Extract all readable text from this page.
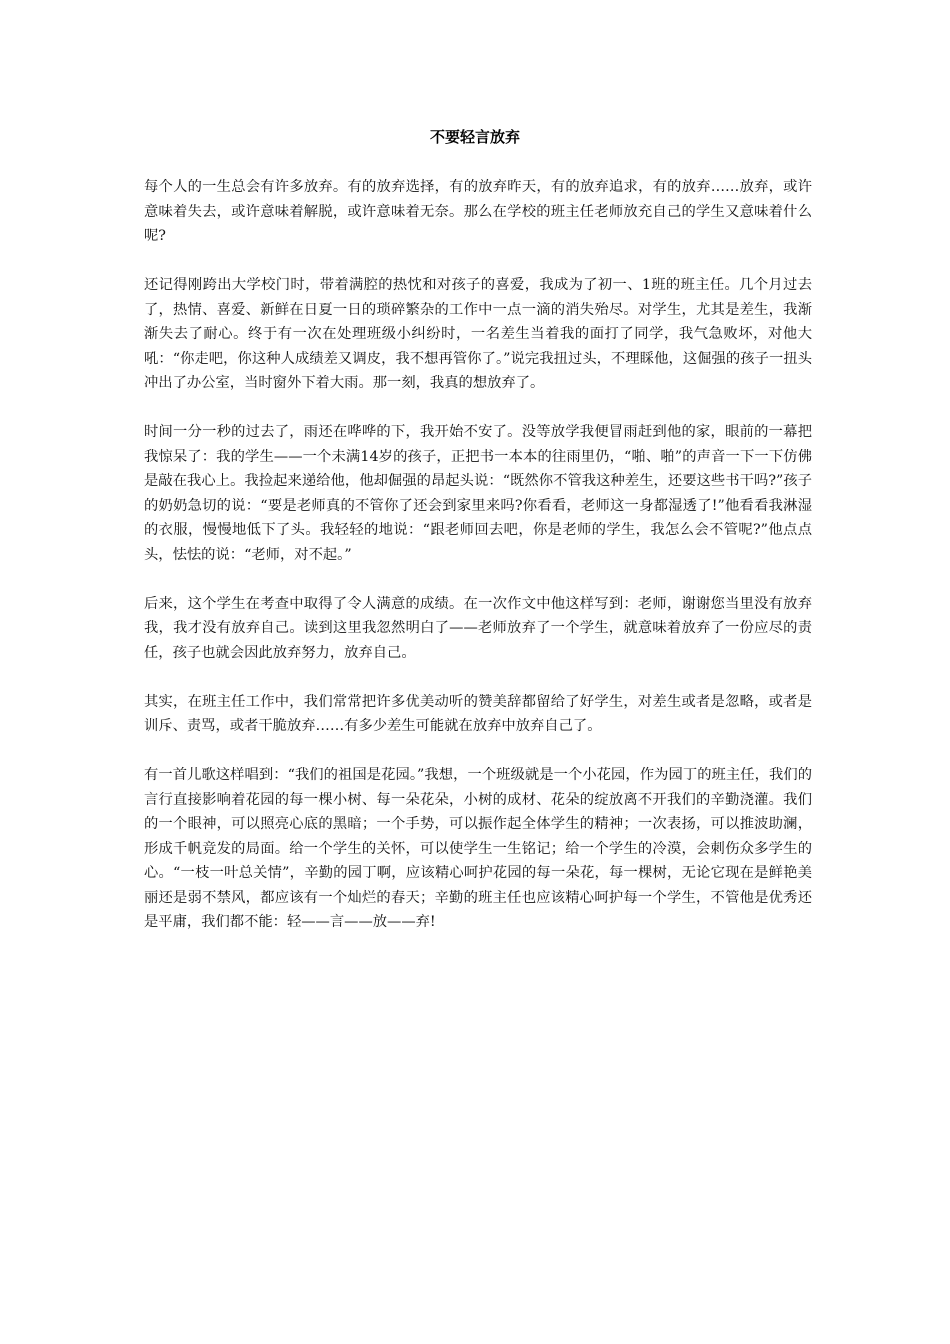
不要轻言放弃

每个人的一生总会有许多放弃。有的放弃选择，有的放弃昨天，有的放弃追求，有的放弃……放弃，或许意味着失去，或许意味着解脱，或许意味着无奈。那么在学校的班主任老师放充自己的学生又意味着什么呢?

还记得刚跨出大学校门时，带着满腔的热忱和对孩子的喜爱，我成为了初一、1班的班主任。几个月过去了，热情、喜爱、新鲜在日夏一日的琐碎繁杂的工作中一点一滴的消失殆尽。对学生，尤其是差生，我渐渐失去了耐心。终于有一次在处理班级小纠纷时，一名差生当着我的面打了同学，我气急败坏，对他大吼：“你走吧，你这种人成绩差又调皮，我不想再管你了。”说完我扭过头，不理睬他，这倔强的孩子一扭头冲出了办公室，当时窗外下着大雨。那一刻，我真的想放弃了。

时间一分一秒的过去了，雨还在哗哗的下，我开始不安了。没等放学我便冒雨赶到他的家，眼前的一幕把我惊呆了：我的学生——一个未满14岁的孩子，正把书一本本的往雨里仍，“啪、啪”的声音一下一下仿佛是敲在我心上。我捡起来递给他，他却倔强的昂起头说：“既然你不管我这种差生，还要这些书干吗?”孩子的奶奶急切的说：“要是老师真的不管你了还会到家里来吗?你看看，老师这一身都湿透了!”他看看我淋湿的衣服，慢慢地低下了头。我轻轻的地说：“跟老师回去吧，你是老师的学生，我怎么会不管呢?”他点点头，怯怯的说：“老师，对不起。”

后来，这个学生在考查中取得了令人满意的成绩。在一次作文中他这样写到：老师，谢谢您当里没有放弃我，我才没有放弃自己。读到这里我忽然明白了——老师放弃了一个学生，就意味着放弃了一份应尽的责任，孩子也就会因此放弃努力，放弃自己。

其实，在班主任工作中，我们常常把许多优美动听的赞美辞都留给了好学生，对差生或者是忽略，或者是训斥、责骂，或者干脆放弃……有多少差生可能就在放弃中放弃自己了。

有一首儿歌这样唱到：“我们的祖国是花园。”我想，一个班级就是一个小花园，作为园丁的班主任，我们的言行直接影响着花园的每一棵小树、每一朵花朵，小树的成材、花朵的绽放离不开我们的辛勤浇灌。我们的一个眼神，可以照亮心底的黑暗；一个手势，可以振作起全体学生的精神；一次表扬，可以推波助澜，形成千帆竞发的局面。给一个学生的关怀，可以使学生一生铭记；给一个学生的冷漠，会刺伤众多学生的心。“一枝一叶总关情”，辛勤的园丁啊，应该精心呵护花园的每一朵花，每一棵树，无论它现在是鲜艳美丽还是弱不禁风，都应该有一个灿烂的春天；辛勤的班主任也应该精心呵护每一个学生，不管他是优秀还是平庸，我们都不能：轻——言——放——弃!
